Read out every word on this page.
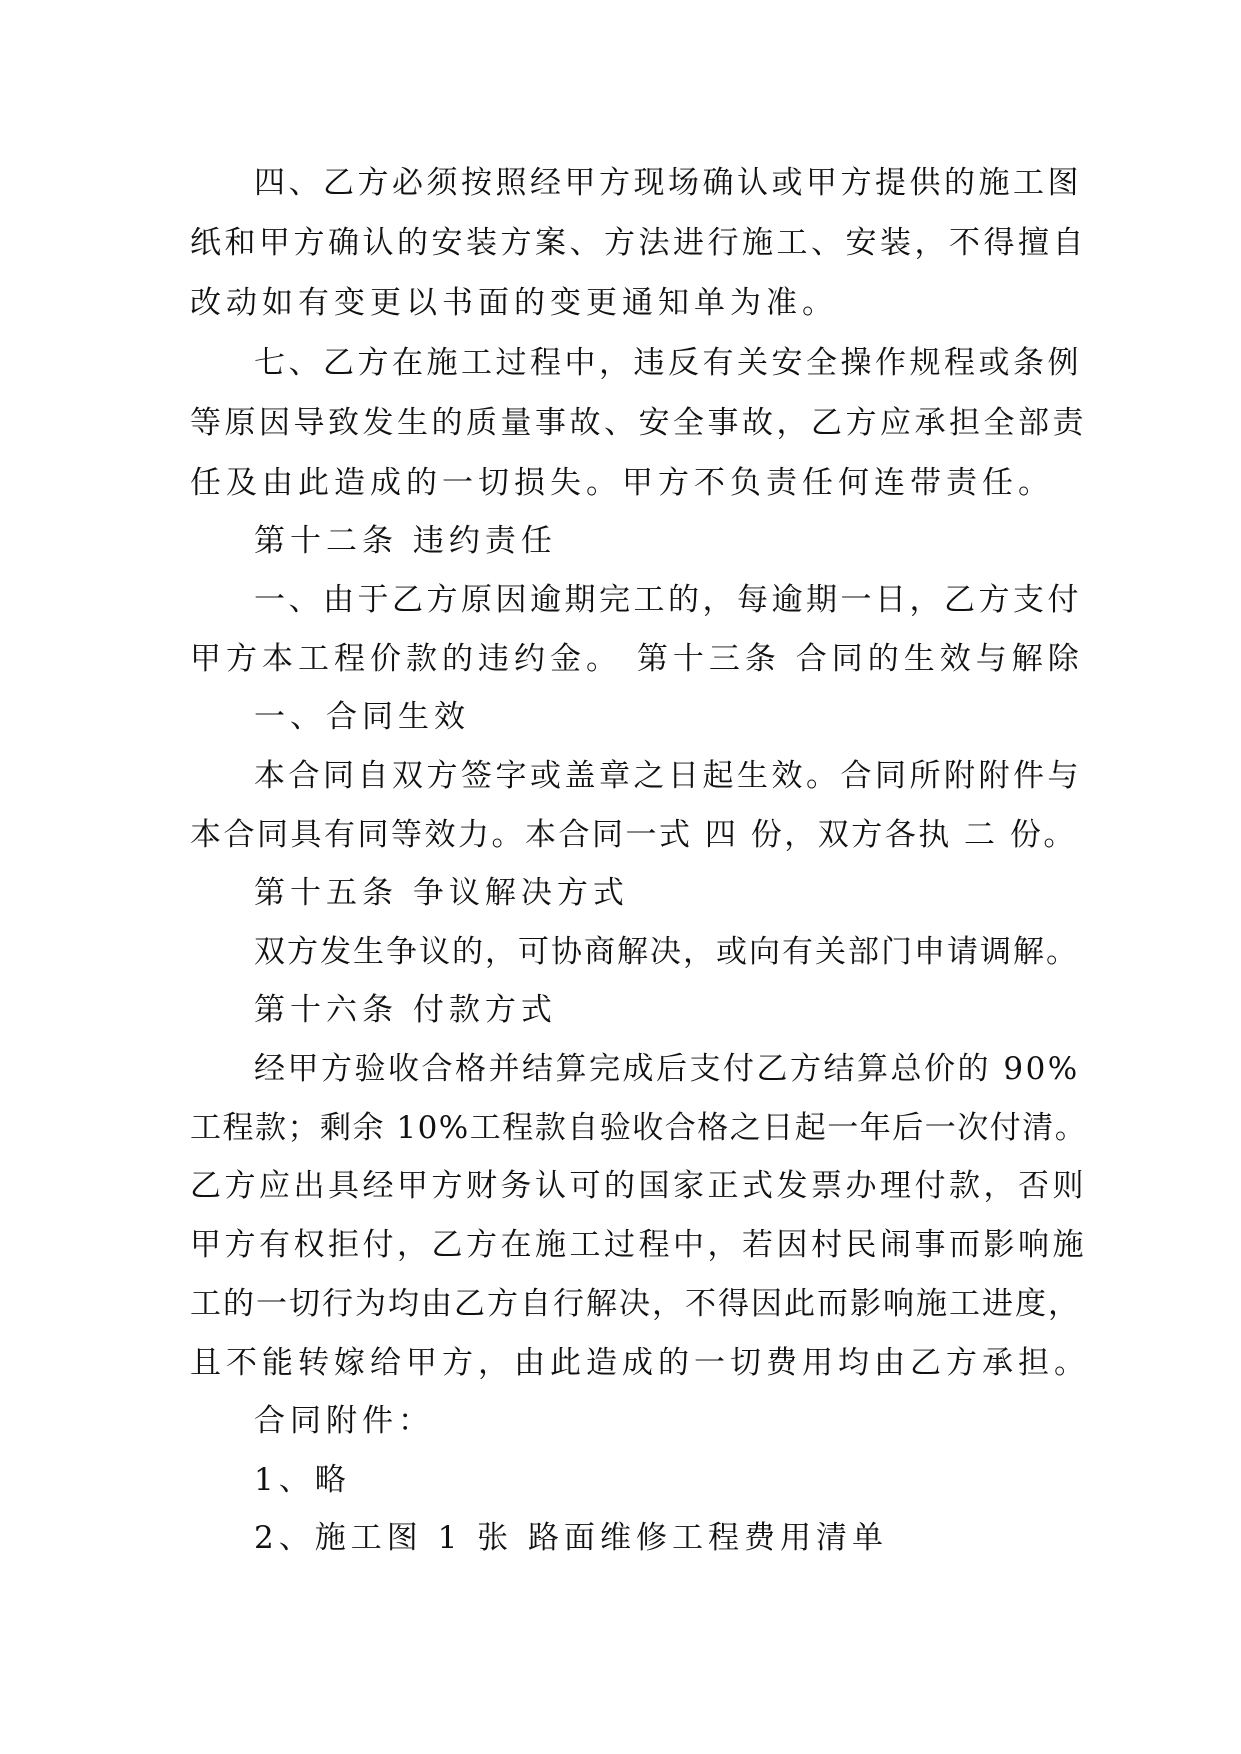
四、乙方必须按照经甲方现场确认或甲方提供的施工图
纸和甲方确认的安装方案、方法进行施工、安装，不得擅自
改动如有变更以书面的变更通知单为准。
七、乙方在施工过程中，违反有关安全操作规程或条例
等原因导致发生的质量事故、安全事故，乙方应承担全部责
任及由此造成的一切损失。甲方不负责任何连带责任。
第十二条 违约责任
一、由于乙方原因逾期完工的，每逾期一日，乙方支付
甲方本工程价款的违约金。 第十三条 合同的生效与解除
一、合同生效
本合同自双方签字或盖章之日起生效。合同所附附件与
本合同具有同等效力。本合同一式 四 份，双方各执 二 份。
第十五条 争议解决方式
双方发生争议的，可协商解决，或向有关部门申请调解。
第十六条 付款方式
经甲方验收合格并结算完成后支付乙方结算总价的 90%
工程款；剩余 10%工程款自验收合格之日起一年后一次付清。
乙方应出具经甲方财务认可的国家正式发票办理付款，否则
甲方有权拒付，乙方在施工过程中，若因村民闹事而影响施
工的一切行为均由乙方自行解决，不得因此而影响施工进度，
且不能转嫁给甲方，由此造成的一切费用均由乙方承担。
合同附件：
1、略
2、施工图 1 张 路面维修工程费用清单
